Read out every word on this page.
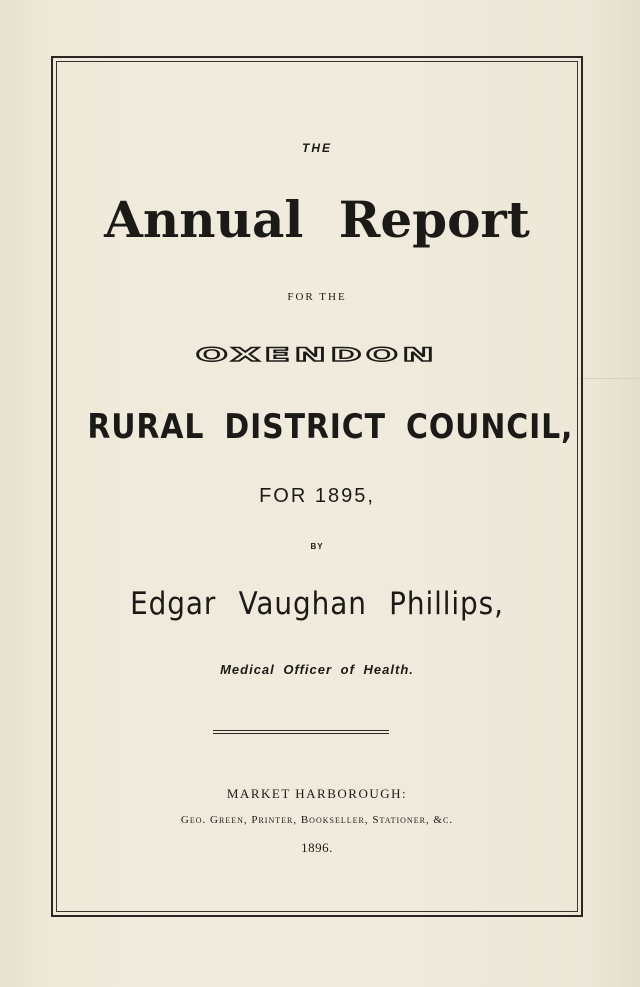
THE
Annual Report
FOR THE
OXENDON
RURAL DISTRICT COUNCIL,
FOR 1895,
BY
Edgar Vaughan Phillips,
Medical Officer of Health.
MARKET HARBOROUGH:
Geo. Green, Printer, Bookseller, Stationer, &c.
1896.
